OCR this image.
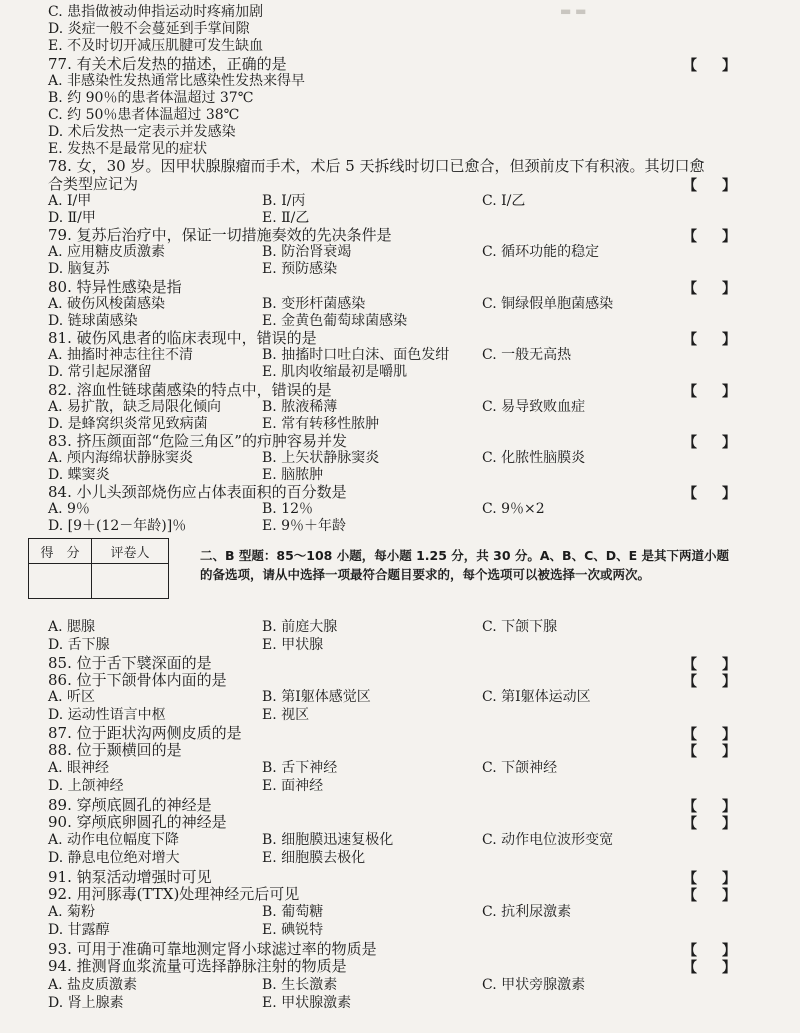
▬ ▬
C. 患指做被动伸指运动时疼痛加剧
D. 炎症一般不会蔓延到手掌间隙
E. 不及时切开减压肌腱可发生缺血
77. 有关术后发热的描述，正确的是	【 】
A. 非感染性发热通常比感染性发热来得早
B. 约 90％的患者体温超过 37℃
C. 约 50％患者体温超过 38℃
D. 术后发热一定表示并发感染
E. 发热不是最常见的症状
78. 女，30 岁。因甲状腺腺瘤而手术，术后 5 天拆线时切口已愈合，但颈前皮下有积液。其切口愈
合类型应记为	【 】
A. Ⅰ/甲	B. Ⅰ/丙	C. Ⅰ/乙
D. Ⅱ/甲	E. Ⅱ/乙
79. 复苏后治疗中，保证一切措施奏效的先决条件是	【 】
A. 应用糖皮质激素	B. 防治肾衰竭	C. 循环功能的稳定
D. 脑复苏	E. 预防感染
80. 特异性感染是指	【 】
A. 破伤风梭菌感染	B. 变形杆菌感染	C. 铜绿假单胞菌感染
D. 链球菌感染	E. 金黄色葡萄球菌感染
81. 破伤风患者的临床表现中，错误的是	【 】
A. 抽搐时神志往往不清	B. 抽搐时口吐白沫、面色发绀 C. 一般无高热
D. 常引起尿潴留	E. 肌肉收缩最初是嚼肌
82. 溶血性链球菌感染的特点中，错误的是	【 】
A. 易扩散，缺乏局限化倾向	B. 脓液稀薄	C. 易导致败血症
D. 是蜂窝织炎常见致病菌	E. 常有转移性脓肿
83. 挤压颜面部“危险三角区”的疖肿容易并发	【 】
A. 颅内海绵状静脉窦炎	B. 上矢状静脉窦炎	C. 化脓性脑膜炎
D. 蝶窦炎	E. 脑脓肿
84. 小儿头颈部烧伤应占体表面积的百分数是	【 】
A. 9％	B. 12％	C. 9％×2
D. [9＋(12－年龄)]％	E. 9％＋年龄
得　分	评卷人
		二、B 型题：85～108 小题，每小题 1.25 分，共 30 分。A、B、C、D、E 是其下两道小题的备选项，请从中选择一项最符合题目要求的，每个选项可以被选择一次或两次。
A. 腮腺	B. 前庭大腺	C. 下颌下腺
D. 舌下腺	E. 甲状腺
85. 位于舌下襞深面的是	【 】
86. 位于下颌骨体内面的是	【 】
A. 听区	B. 第Ⅰ躯体感觉区	C. 第Ⅰ躯体运动区
D. 运动性语言中枢	E. 视区
87. 位于距状沟两侧皮质的是	【 】
88. 位于颞横回的是	【 】
A. 眼神经	B. 舌下神经	C. 下颌神经
D. 上颌神经	E. 面神经
89. 穿颅底圆孔的神经是	【 】
90. 穿颅底卵圆孔的神经是	【 】
A. 动作电位幅度下降	B. 细胞膜迅速复极化	C. 动作电位波形变宽
D. 静息电位绝对增大	E. 细胞膜去极化
91. 钠泵活动增强时可见	【 】
92. 用河豚毒(TTX)处理神经元后可见	【 】
A. 菊粉	B. 葡萄糖	C. 抗利尿激素
D. 甘露醇	E. 碘锐特
93. 可用于准确可靠地测定肾小球滤过率的物质是	【 】
94. 推测肾血浆流量可选择静脉注射的物质是	【 】
A. 盐皮质激素	B. 生长激素	C. 甲状旁腺激素
D. 肾上腺素	E. 甲状腺激素
